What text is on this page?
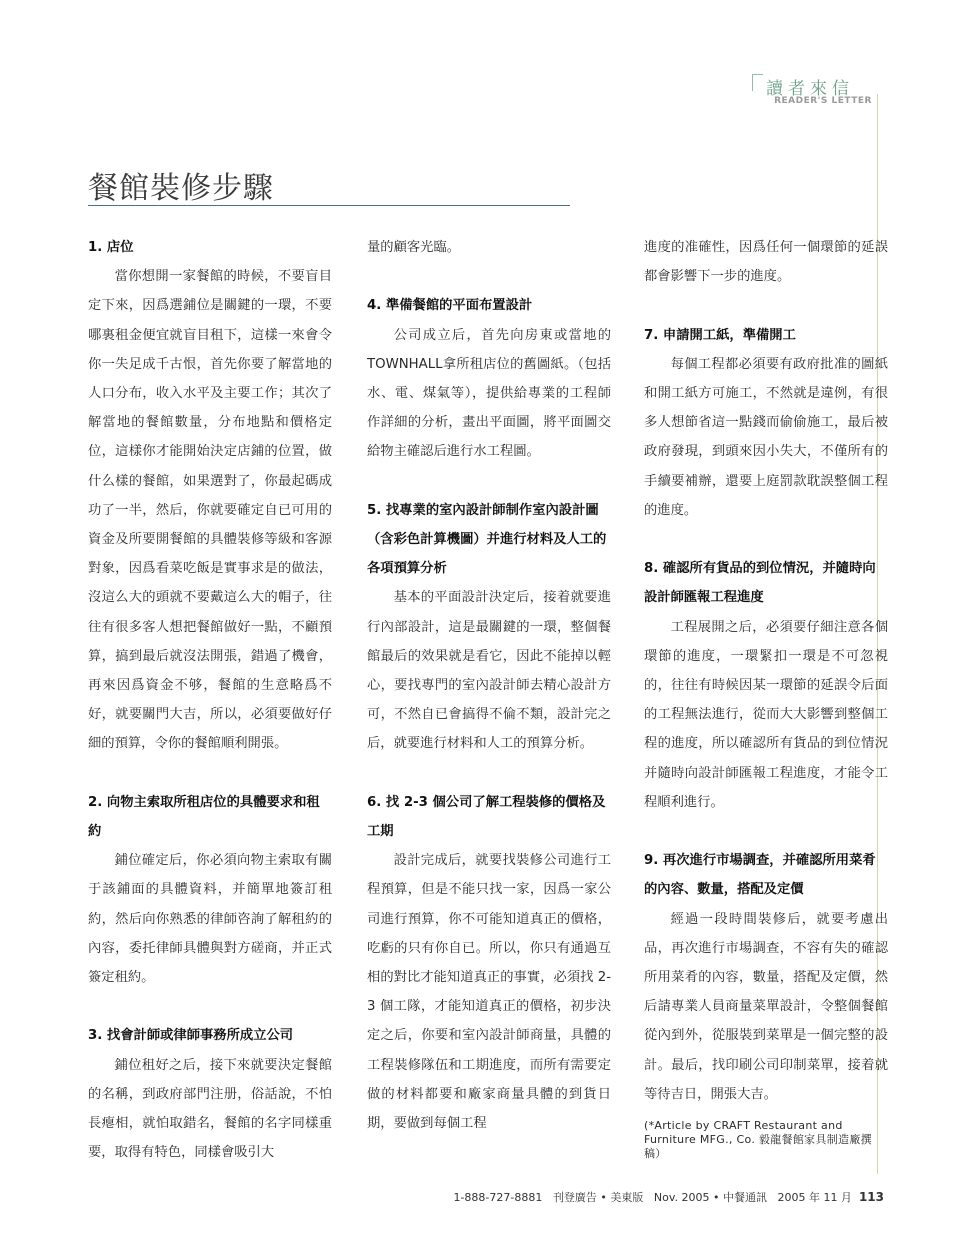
讀者來信
READER'S LETTER
餐館裝修步驟

1. 店位

當你想開一家餐館的時候，不要盲目定下來，因爲選鋪位是關鍵的一環，不要哪裏租金便宜就盲目租下，這樣一來會令你一失足成千古恨，首先你要了解當地的人口分布，收入水平及主要工作；其次了解當地的餐館數量，分布地點和價格定位，這樣你才能開始決定店鋪的位置，做什么樣的餐館，如果選對了，你最起碼成功了一半，然后，你就要確定自已可用的資金及所要開餐館的具體裝修等級和客源對象，因爲看菜吃飯是實事求是的做法，沒這么大的頭就不要戴這么大的帽子，往往有很多客人想把餐館做好一點，不顧預算，搞到最后就沒法開張，錯過了機會，再來因爲資金不够，餐館的生意略爲不好，就要關門大吉，所以，必須要做好仔細的預算，令你的餐館順利開張。

2. 向物主索取所租店位的具體要求和租約

鋪位確定后，你必須向物主索取有關于該鋪面的具體資料，并簡單地簽訂租約，然后向你熟悉的律師咨詢了解租約的內容，委托律師具體與對方磋商，并正式簽定租約。

3. 找會計師或律師事務所成立公司

鋪位租好之后，接下來就要決定餐館的名稱，到政府部門注册，俗話說，不怕長瘪相，就怕取錯名，餐館的名字同樣重要，取得有特色，同樣會吸引大

量的顧客光臨。

4. 準備餐館的平面布置設計

公司成立后，首先向房東或當地的TOWNHALL拿所租店位的舊圖紙。（包括水、電、煤氣等），提供給專業的工程師作詳細的分析，畫出平面圖，將平面圖交給物主確認后進行水工程圖。

5. 找專業的室內設計師制作室內設計圖（含彩色計算機圖）并進行材料及人工的各項預算分析

基本的平面設計決定后，接着就要進行內部設計，這是最關鍵的一環，整個餐館最后的效果就是看它，因此不能掉以輕心，要找專門的室內設計師去精心設計方可，不然自已會搞得不倫不類，設計完之后，就要進行材料和人工的預算分析。

6. 找 2-3 個公司了解工程裝修的價格及工期

設計完成后，就要找裝修公司進行工程預算，但是不能只找一家，因爲一家公司進行預算，你不可能知道真正的價格，吃虧的只有你自已。所以，你只有通過互相的對比才能知道真正的事實，必須找 2-3 個工隊，才能知道真正的價格，初步決定之后，你要和室內設計師商量，具體的工程裝修隊伍和工期進度，而所有需要定做的材料都要和廠家商量具體的到貨日期，要做到每個工程

進度的准確性，因爲任何一個環節的延誤都會影響下一步的進度。

7. 申請開工紙，準備開工

每個工程都必須要有政府批准的圖紙和開工紙方可施工，不然就是違例，有很多人想節省這一點錢而偷偷施工，最后被政府發現，到頭來因小失大，不僅所有的手續要補辦，還要上庭罰款耽誤整個工程的進度。

8. 確認所有貨品的到位情況，并隨時向設計師匯報工程進度

工程展開之后，必須要仔細注意各個環節的進度，一環緊扣一環是不可忽視的，往往有時候因某一環節的延誤令后面的工程無法進行，從而大大影響到整個工程的進度，所以確認所有貨品的到位情況并隨時向設計師匯報工程進度，才能令工程順利進行。

9. 再次進行市場調查，并確認所用菜肴的內容、數量，搭配及定價

經過一段時間裝修后，就要考慮出品，再次進行市場調查，不容有失的確認所用菜肴的內容，數量，搭配及定價，然后請專業人員商量菜單設計，令整個餐館從內到外，從服裝到菜單是一個完整的設計。最后，找印刷公司印制菜單，接着就等待吉日，開張大吉。

(*Article by CRAFT Restaurant and Furniture MFG., Co. 毅龍餐館家具制造廠撰稿）

1-888-727-8881 刊登廣告 • 美東版 Nov. 2005 • 中餐通訊 2005 年 11 月 113
